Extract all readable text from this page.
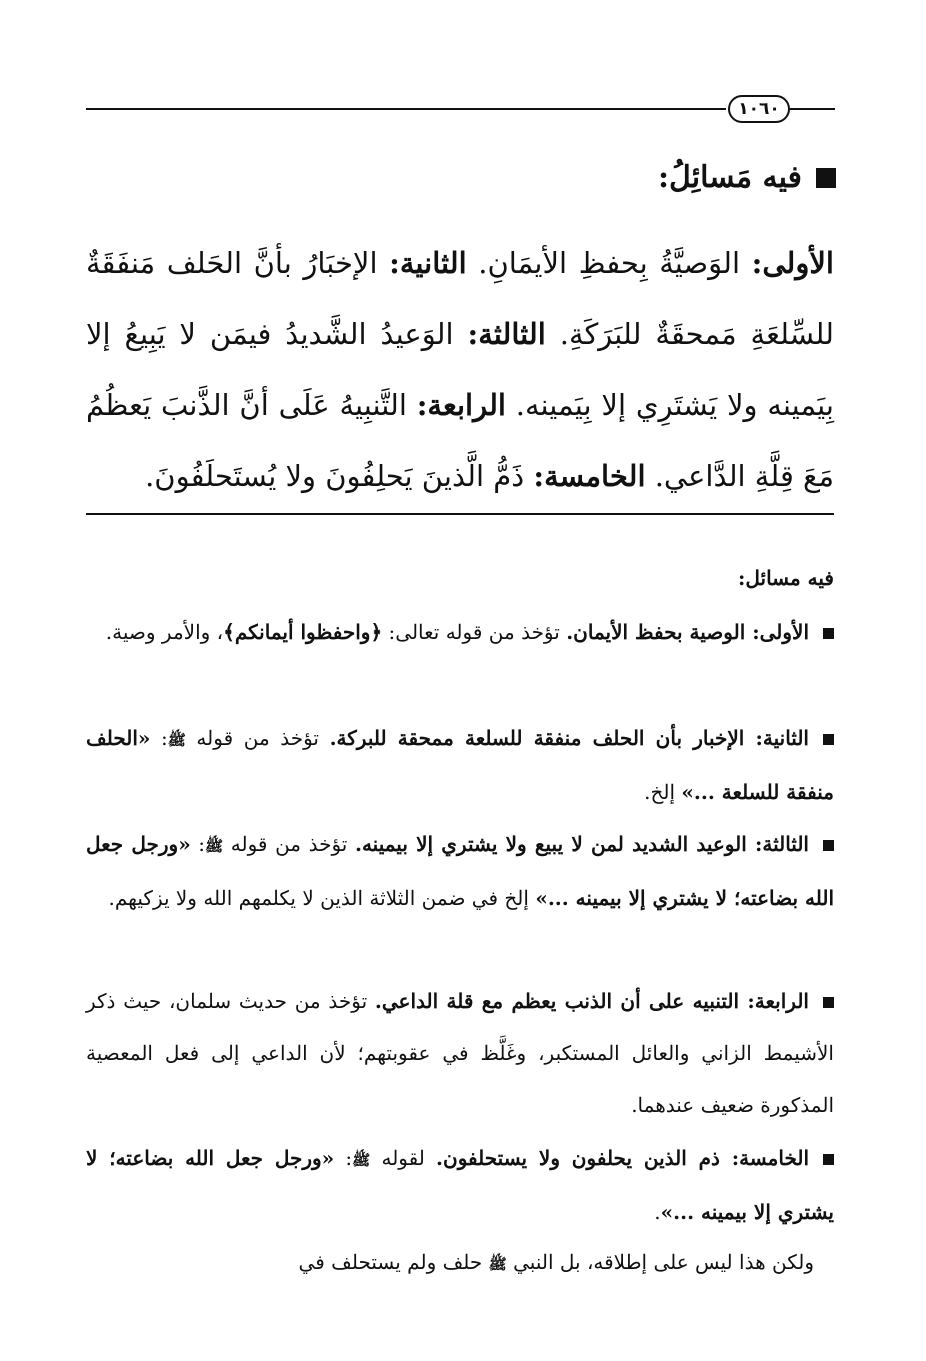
١٠٦٠
فيه مَسائِلُ:
الأولى: الوَصيَّةُ بِحفظِ الأيمَانِ. الثانية: الإخبَارُ بأنَّ الحَلف مَنفَقَةٌ للسِّلعَةِ مَمحقَةٌ للبَرَكَةِ. الثالثة: الوَعيدُ الشَّديدُ فيمَن لا يَبِيعُ إلا بِيَمينه ولا يَشتَرِي إلا بِيَمينه. الرابعة: التَّنبِيهُ عَلَى أنَّ الذَّنبَ يَعظُمُ مَعَ قِلَّةِ الدَّاعي. الخامسة: ذَمُّ الَّذينَ يَحلِفُونَ ولا يُستَحلَفُونَ.
فيه مسائل:
الأولى: الوصية بحفظ الأيمان. تؤخذ من قوله تعالى: ﴿واحفظوا أيمانكم﴾، والأمر وصية.
الثانية: الإخبار بأن الحلف منفقة للسلعة ممحقة للبركة. تؤخذ من قوله ﷺ: «الحلف منفقة للسلعة ...» إلخ.
الثالثة: الوعيد الشديد لمن لا يبيع ولا يشتري إلا بيمينه. تؤخذ من قوله ﷺ: «ورجل جعل الله بضاعته؛ لا يشتري إلا بيمينه ...» إلخ في ضمن الثلاثة الذين لا يكلمهم الله ولا يزكيهم.
الرابعة: التنبيه على أن الذنب يعظم مع قلة الداعي. تؤخذ من حديث سلمان، حيث ذكر الأشيمط الزاني والعائل المستكبر، وغَلَّظ في عقوبتهم؛ لأن الداعي إلى فعل المعصية المذكورة ضعيف عندهما.
الخامسة: ذم الذين يحلفون ولا يستحلفون. لقوله ﷺ: «ورجل جعل الله بضاعته؛ لا يشتري إلا بيمينه ...».
ولكن هذا ليس على إطلاقه، بل النبي ﷺ حلف ولم يستحلف في
